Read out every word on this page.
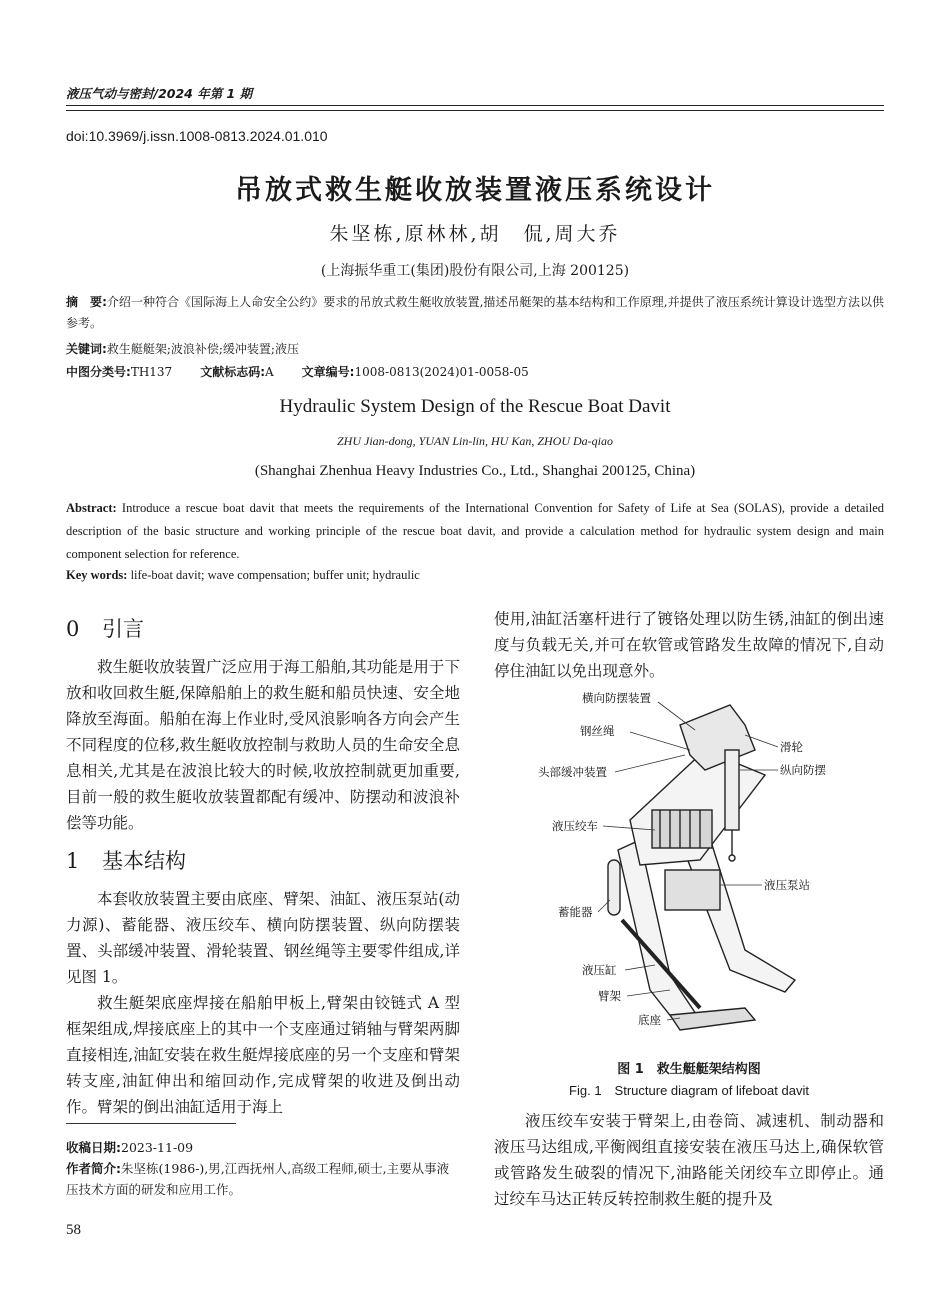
液压气动与密封/2024 年第 1 期
doi:10.3969/j.issn.1008-0813.2024.01.010
吊放式救生艇收放装置液压系统设计
朱坚栋,原林林,胡　侃,周大乔
(上海振华重工(集团)股份有限公司,上海 200125)
摘　要:介绍一种符合《国际海上人命安全公约》要求的吊放式救生艇收放装置,描述吊艇架的基本结构和工作原理,并提供了液压系统计算设计选型方法以供参考。
关键词:救生艇艇架;波浪补偿;缓冲装置;液压
中图分类号:TH137 文献标志码:A 文章编号:1008-0813(2024)01-0058-05
Hydraulic System Design of the Rescue Boat Davit
ZHU Jian-dong, YUAN Lin-lin, HU Kan, ZHOU Da-qiao
(Shanghai Zhenhua Heavy Industries Co., Ltd., Shanghai 200125, China)
Abstract: Introduce a rescue boat davit that meets the requirements of the International Convention for Safety of Life at Sea (SOLAS), provide a detailed description of the basic structure and working principle of the rescue boat davit, and provide a calculation method for hydraulic system design and main component selection for reference.
Key words: life-boat davit; wave compensation; buffer unit; hydraulic
0 引言

救生艇收放装置广泛应用于海工船舶,其功能是用于下放和收回救生艇,保障船舶上的救生艇和船员快速、安全地降放至海面。船舶在海上作业时,受风浪影响各方向会产生不同程度的位移,救生艇收放控制与救助人员的生命安全息息相关,尤其是在波浪比较大的时候,收放控制就更加重要,目前一般的救生艇收放装置都配有缓冲、防摆动和波浪补偿等功能。

1 基本结构

本套收放装置主要由底座、臂架、油缸、液压泵站(动力源)、蓄能器、液压绞车、横向防摆装置、纵向防摆装置、头部缓冲装置、滑轮装置、钢丝绳等主要零件组成,详见图 1。

救生艇架底座焊接在船舶甲板上,臂架由铰链式 A 型框架组成,焊接底座上的其中一个支座通过销轴与臂架两脚直接相连,油缸安装在救生艇焊接底座的另一个支座和臂架转支座,油缸伸出和缩回动作,完成臂架的收进及倒出动作。臂架的倒出油缸适用于海上

使用,油缸活塞杆进行了镀铬处理以防生锈,油缸的倒出速度与负载无关,并可在软管或管路发生故障的情况下,自动停住油缸以免出现意外。

横向防摆装置
钢丝绳
滑轮
纵向防摆
头部缓冲装置
液压绞车
液压泵站
蓄能器
液压缸
臂架
底座
图 1　救生艇艇架结构图
Fig. 1　Structure diagram of lifeboat davit

液压绞车安装于臂架上,由卷筒、减速机、制动器和液压马达组成,平衡阀组直接安装在液压马达上,确保软管或管路发生破裂的情况下,油路能关闭绞车立即停止。通过绞车马达正转反转控制救生艇的提升及

收稿日期:2023-11-09
作者简介:朱坚栋(1986-),男,江西抚州人,高级工程师,硕士,主要从事液压技术方面的研发和应用工作。
58
